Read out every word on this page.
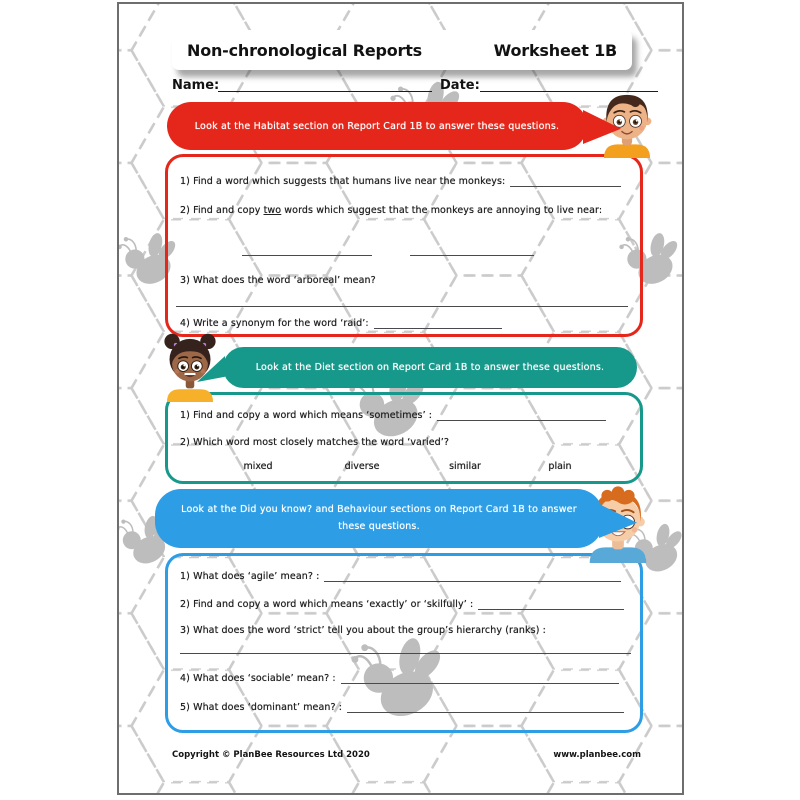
Non-chronological Reports	Worksheet 1B
Name:	Date:
Look at the Habitat section on Report Card 1B to answer these questions.
1) Find a word which suggests that humans live near the monkeys:
2) Find and copy two words which suggest that the monkeys are annoying to live near:
3) What does the word ‘arboreal’ mean?
4) Write a synonym for the word ‘raid’:
Look at the Diet section on Report Card 1B to answer these questions.
1) Find and copy a word which means ‘sometimes’ :
2) Which word most closely matches the word ‘varied’?
mixed	diverse	similar	plain
Look at the Did you know? and Behaviour sections on Report Card 1B to answer these questions.
1) What does ‘agile’ mean? :
2) Find and copy a word which means ‘exactly’ or ‘skilfully’ :
3) What does the word ‘strict’ tell you about the group’s hierarchy (ranks) :
4) What does ‘sociable’ mean? :
5) What does ‘dominant’ mean? :
Copyright © PlanBee Resources Ltd 2020	www.planbee.com
